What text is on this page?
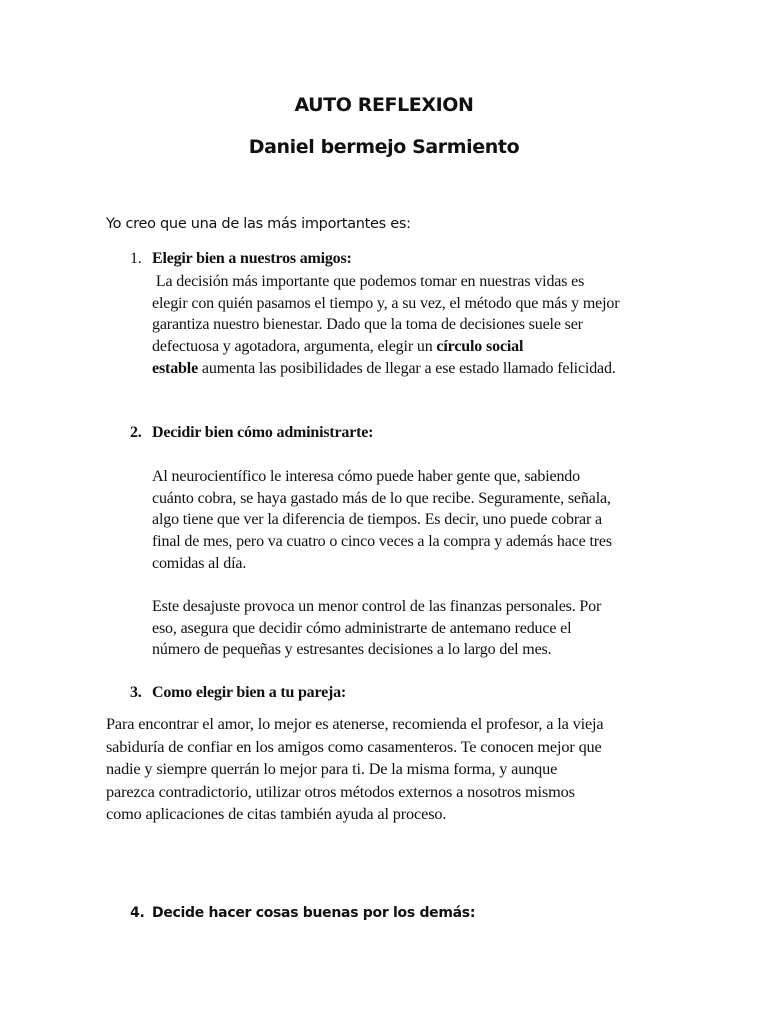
AUTO REFLEXION
Daniel bermejo Sarmiento
Yo creo que una de las más importantes es:
1. Elegir bien a nuestros amigos:
La decisión más importante que podemos tomar en nuestras vidas es
elegir con quién pasamos el tiempo y, a su vez, el método que más y mejor
garantiza nuestro bienestar. Dado que la toma de decisiones suele ser
defectuosa y agotadora, argumenta, elegir un círculo social
estable aumenta las posibilidades de llegar a ese estado llamado felicidad.
2. Decidir bien cómo administrarte:
Al neurocientífico le interesa cómo puede haber gente que, sabiendo
cuánto cobra, se haya gastado más de lo que recibe. Seguramente, señala,
algo tiene que ver la diferencia de tiempos. Es decir, uno puede cobrar a
final de mes, pero va cuatro o cinco veces a la compra y además hace tres
comidas al día.
Este desajuste provoca un menor control de las finanzas personales. Por
eso, asegura que decidir cómo administrarte de antemano reduce el
número de pequeñas y estresantes decisiones a lo largo del mes.
3. Como elegir bien a tu pareja:
Para encontrar el amor, lo mejor es atenerse, recomienda el profesor, a la vieja
sabiduría de confiar en los amigos como casamenteros. Te conocen mejor que
nadie y siempre querrán lo mejor para ti. De la misma forma, y aunque
parezca contradictorio, utilizar otros métodos externos a nosotros mismos
como aplicaciones de citas también ayuda al proceso.
4. Decide hacer cosas buenas por los demás:
